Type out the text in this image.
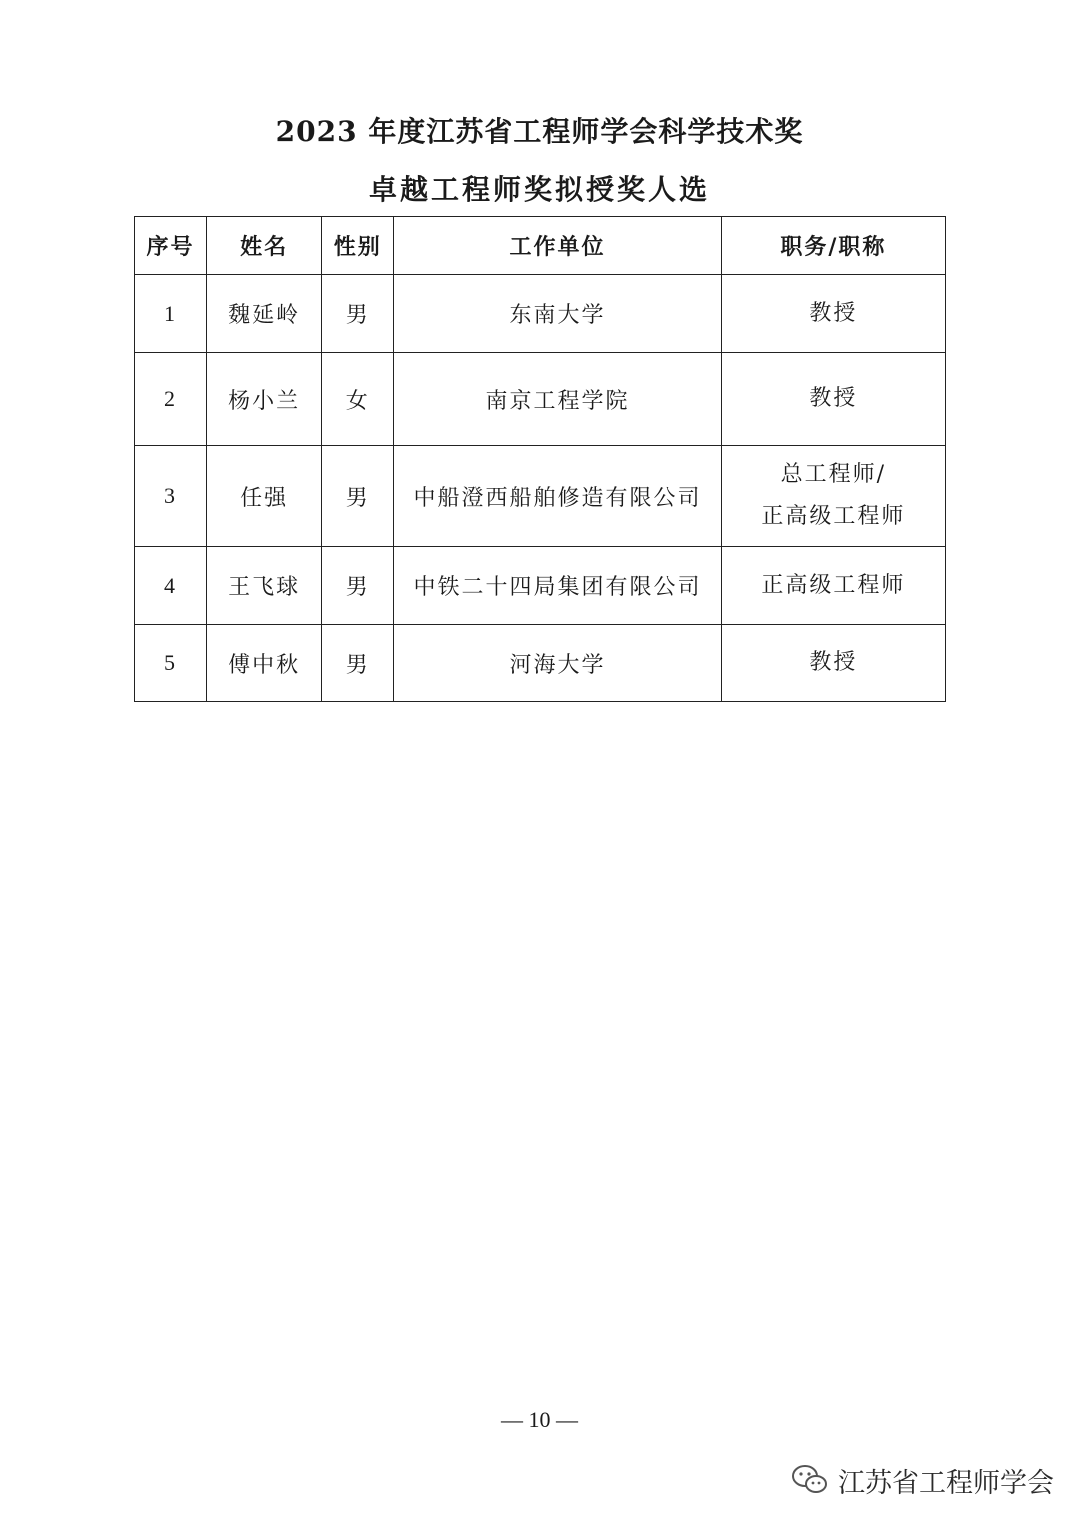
2023 年度江苏省工程师学会科学技术奖
卓越工程师奖拟授奖人选
序号	姓名	性别	工作单位	职务/职称
1	魏延岭	男	东南大学	教授

2	杨小兰	女	南京工程学院	教授

3	任强	男	中船澄西船舶修造有限公司	总工程师/
正高级工程师

4	王飞球	男	中铁二十四局集团有限公司	正高级工程师

5	傅中秋	男	河海大学	教授
— 10 —
江苏省工程师学会
